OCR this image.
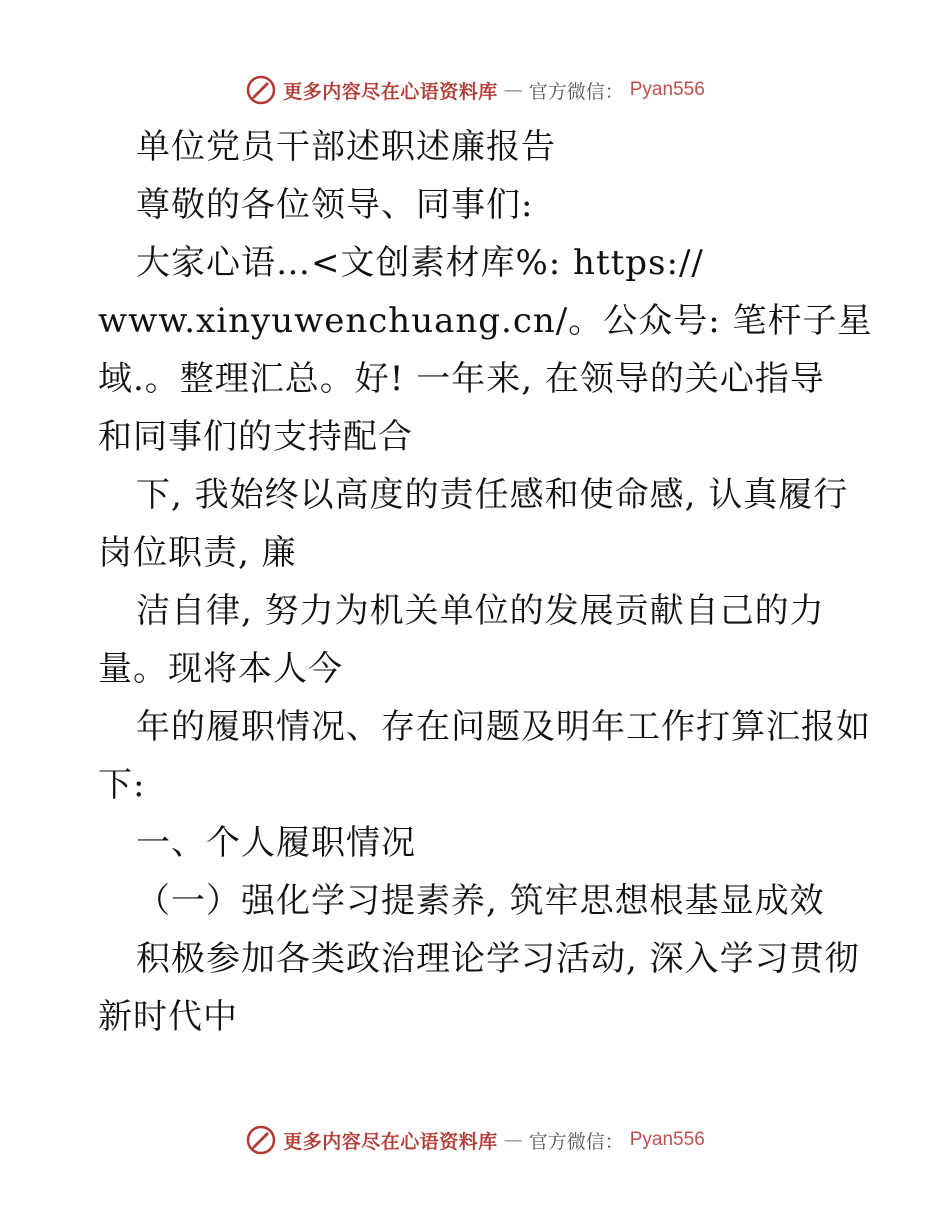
更多内容尽在心语资料库 — 官方微信： Pyan556
单位党员干部述职述廉报告
尊敬的各位领导、同事们:
大家心语…<文创素材库%: https://
www.xinyuwenchuang.cn/。公众号: 笔杆子星
域.。整理汇总。好! 一年来, 在领导的关心指导
和同事们的支持配合
下, 我始终以高度的责任感和使命感, 认真履行
岗位职责, 廉
洁自律, 努力为机关单位的发展贡献自己的力
量。现将本人今
年的履职情况、存在问题及明年工作打算汇报如
下:
一、个人履职情况
（一）强化学习提素养, 筑牢思想根基显成效
积极参加各类政治理论学习活动, 深入学习贯彻
新时代中
更多内容尽在心语资料库 — 官方微信： Pyan556
